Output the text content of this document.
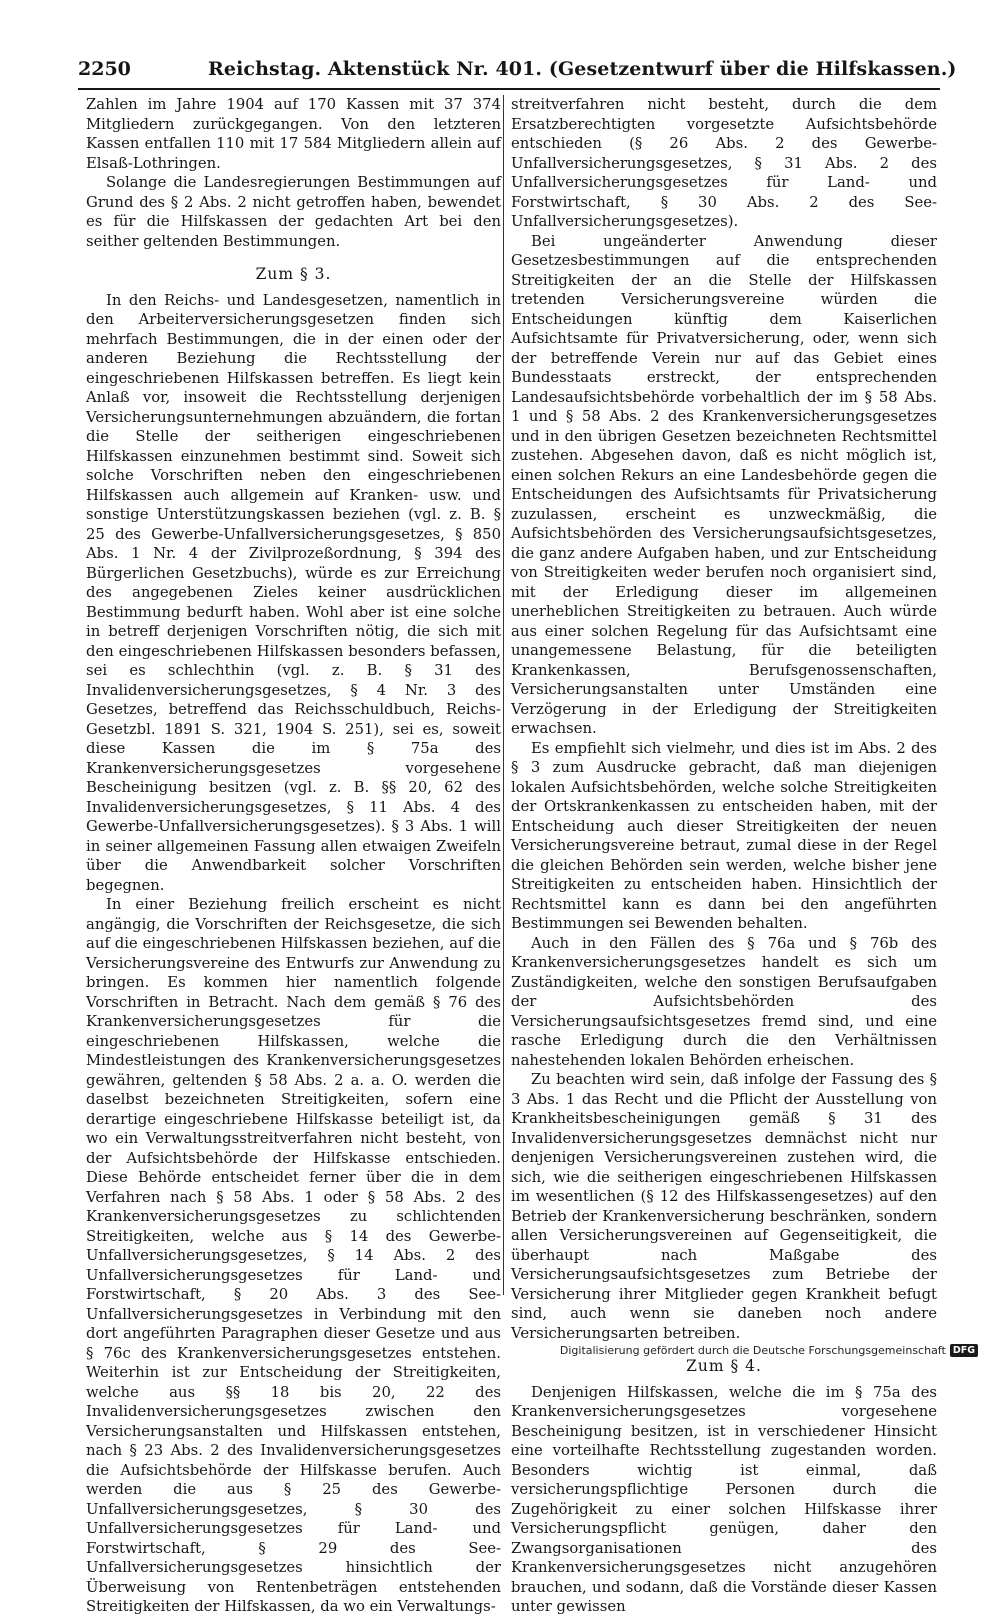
2250	Reichstag. Aktenstück Nr. 401. (Gesetzentwurf über die Hilfskassen.)

Zahlen im Jahre 1904 auf 170 Kassen mit 37 374 Mitgliedern zurückgegangen. Von den letzteren Kassen entfallen 110 mit 17 584 Mitgliedern allein auf Elsaß-Lothringen.

Solange die Landesregierungen Bestimmungen auf Grund des § 2 Abs. 2 nicht getroffen haben, bewendet es für die Hilfskassen der gedachten Art bei den seither geltenden Bestimmungen.

Zum § 3.

In den Reichs- und Landesgesetzen, namentlich in den Arbeiterversicherungsgesetzen finden sich mehrfach Bestimmungen, die in der einen oder der anderen Beziehung die Rechtsstellung der eingeschriebenen Hilfskassen betreffen. Es liegt kein Anlaß vor, insoweit die Rechtsstellung derjenigen Versicherungsunternehmungen abzuändern, die fortan die Stelle der seitherigen eingeschriebenen Hilfskassen einzunehmen bestimmt sind. Soweit sich solche Vorschriften neben den eingeschriebenen Hilfskassen auch allgemein auf Kranken- usw. und sonstige Unterstützungskassen beziehen (vgl. z. B. § 25 des Gewerbe-Unfallversicherungsgesetzes, § 850 Abs. 1 Nr. 4 der Zivilprozeßordnung, § 394 des Bürgerlichen Gesetzbuchs), würde es zur Erreichung des angegebenen Zieles keiner ausdrücklichen Bestimmung bedurft haben. Wohl aber ist eine solche in betreff derjenigen Vorschriften nötig, die sich mit den eingeschriebenen Hilfskassen besonders befassen, sei es schlechthin (vgl. z. B. § 31 des Invalidenversicherungsgesetzes, § 4 Nr. 3 des Gesetzes, betreffend das Reichsschuldbuch, Reichs-Gesetzbl. 1891 S. 321, 1904 S. 251), sei es, soweit diese Kassen die im § 75a des Krankenversicherungsgesetzes vorgesehene Bescheinigung besitzen (vgl. z. B. §§ 20, 62 des Invalidenversicherungsgesetzes, § 11 Abs. 4 des Gewerbe-Unfallversicherungsgesetzes). § 3 Abs. 1 will in seiner allgemeinen Fassung allen etwaigen Zweifeln über die Anwendbarkeit solcher Vorschriften begegnen.

In einer Beziehung freilich erscheint es nicht angängig, die Vorschriften der Reichsgesetze, die sich auf die eingeschriebenen Hilfskassen beziehen, auf die Versicherungsvereine des Entwurfs zur Anwendung zu bringen. Es kommen hier namentlich folgende Vorschriften in Betracht. Nach dem gemäß § 76 des Krankenversicherungsgesetzes für die eingeschriebenen Hilfskassen, welche die Mindestleistungen des Krankenversicherungsgesetzes gewähren, geltenden § 58 Abs. 2 a. a. O. werden die daselbst bezeichneten Streitigkeiten, sofern eine derartige eingeschriebene Hilfskasse beteiligt ist, da wo ein Verwaltungsstreitverfahren nicht besteht, von der Aufsichtsbehörde der Hilfskasse entschieden. Diese Behörde entscheidet ferner über die in dem Verfahren nach § 58 Abs. 1 oder § 58 Abs. 2 des Krankenversicherungsgesetzes zu schlichtenden Streitigkeiten, welche aus § 14 des Gewerbe-Unfallversicherungsgesetzes, § 14 Abs. 2 des Unfallversicherungsgesetzes für Land- und Forstwirtschaft, § 20 Abs. 3 des See-Unfallversicherungsgesetzes in Verbindung mit den dort angeführten Paragraphen dieser Gesetze und aus § 76c des Krankenversicherungsgesetzes entstehen. Weiterhin ist zur Entscheidung der Streitigkeiten, welche aus §§ 18 bis 20, 22 des Invalidenversicherungsgesetzes zwischen den Versicherungsanstalten und Hilfskassen entstehen, nach § 23 Abs. 2 des Invalidenversicherungsgesetzes die Aufsichtsbehörde der Hilfskasse berufen. Auch werden die aus § 25 des Gewerbe-Unfallversicherungsgesetzes, § 30 des Unfallversicherungsgesetzes für Land- und Forstwirtschaft, § 29 des See-Unfallversicherungsgesetzes hinsichtlich der Überweisung von Rentenbeträgen entstehenden Streitigkeiten der Hilfskassen, da wo ein Verwaltungs-

streitverfahren nicht besteht, durch die dem Ersatzberechtigten vorgesetzte Aufsichtsbehörde entschieden (§ 26 Abs. 2 des Gewerbe-Unfallversicherungsgesetzes, § 31 Abs. 2 des Unfallversicherungsgesetzes für Land- und Forstwirtschaft, § 30 Abs. 2 des See-Unfallversicherungsgesetzes).

Bei ungeänderter Anwendung dieser Gesetzesbestimmungen auf die entsprechenden Streitigkeiten der an die Stelle der Hilfskassen tretenden Versicherungsvereine würden die Entscheidungen künftig dem Kaiserlichen Aufsichtsamte für Privatversicherung, oder, wenn sich der betreffende Verein nur auf das Gebiet eines Bundesstaats erstreckt, der entsprechenden Landesaufsichtsbehörde vorbehaltlich der im § 58 Abs. 1 und § 58 Abs. 2 des Krankenversicherungsgesetzes und in den übrigen Gesetzen bezeichneten Rechtsmittel zustehen. Abgesehen davon, daß es nicht möglich ist, einen solchen Rekurs an eine Landesbehörde gegen die Entscheidungen des Aufsichtsamts für Privatsicherung zuzulassen, erscheint es unzweckmäßig, die Aufsichtsbehörden des Versicherungsaufsichtsgesetzes, die ganz andere Aufgaben haben, und zur Entscheidung von Streitigkeiten weder berufen noch organisiert sind, mit der Erledigung dieser im allgemeinen unerheblichen Streitigkeiten zu betrauen. Auch würde aus einer solchen Regelung für das Aufsichtsamt eine unangemessene Belastung, für die beteiligten Krankenkassen, Berufsgenossenschaften, Versicherungsanstalten unter Umständen eine Verzögerung in der Erledigung der Streitigkeiten erwachsen.

Es empfiehlt sich vielmehr, und dies ist im Abs. 2 des § 3 zum Ausdrucke gebracht, daß man diejenigen lokalen Aufsichtsbehörden, welche solche Streitigkeiten der Ortskrankenkassen zu entscheiden haben, mit der Entscheidung auch dieser Streitigkeiten der neuen Versicherungsvereine betraut, zumal diese in der Regel die gleichen Behörden sein werden, welche bisher jene Streitigkeiten zu entscheiden haben. Hinsichtlich der Rechtsmittel kann es dann bei den angeführten Bestimmungen sei Bewenden behalten.

Auch in den Fällen des § 76a und § 76b des Krankenversicherungsgesetzes handelt es sich um Zuständigkeiten, welche den sonstigen Berufsaufgaben der Aufsichtsbehörden des Versicherungsaufsichtsgesetzes fremd sind, und eine rasche Erledigung durch die den Verhältnissen nahestehenden lokalen Behörden erheischen.

Zu beachten wird sein, daß infolge der Fassung des § 3 Abs. 1 das Recht und die Pflicht der Ausstellung von Krankheitsbescheinigungen gemäß § 31 des Invalidenversicherungsgesetzes demnächst nicht nur denjenigen Versicherungsvereinen zustehen wird, die sich, wie die seitherigen eingeschriebenen Hilfskassen im wesentlichen (§ 12 des Hilfskassengesetzes) auf den Betrieb der Krankenversicherung beschränken, sondern allen Versicherungsvereinen auf Gegenseitigkeit, die überhaupt nach Maßgabe des Versicherungsaufsichtsgesetzes zum Betriebe der Versicherung ihrer Mitglieder gegen Krankheit befugt sind, auch wenn sie daneben noch andere Versicherungsarten betreiben.

Zum § 4.

Denjenigen Hilfskassen, welche die im § 75a des Krankenversicherungsgesetzes vorgesehene Bescheinigung besitzen, ist in verschiedener Hinsicht eine vorteilhafte Rechtsstellung zugestanden worden. Besonders wichtig ist einmal, daß versicherungspflichtige Personen durch die Zugehörigkeit zu einer solchen Hilfskasse ihrer Versicherungspflicht genügen, daher den Zwangsorganisationen des Krankenversicherungsgesetzes nicht anzugehören brauchen, und sodann, daß die Vorstände dieser Kassen unter gewissen

Digitalisierung gefördert durch die Deutsche Forschungsgemeinschaft DFG
